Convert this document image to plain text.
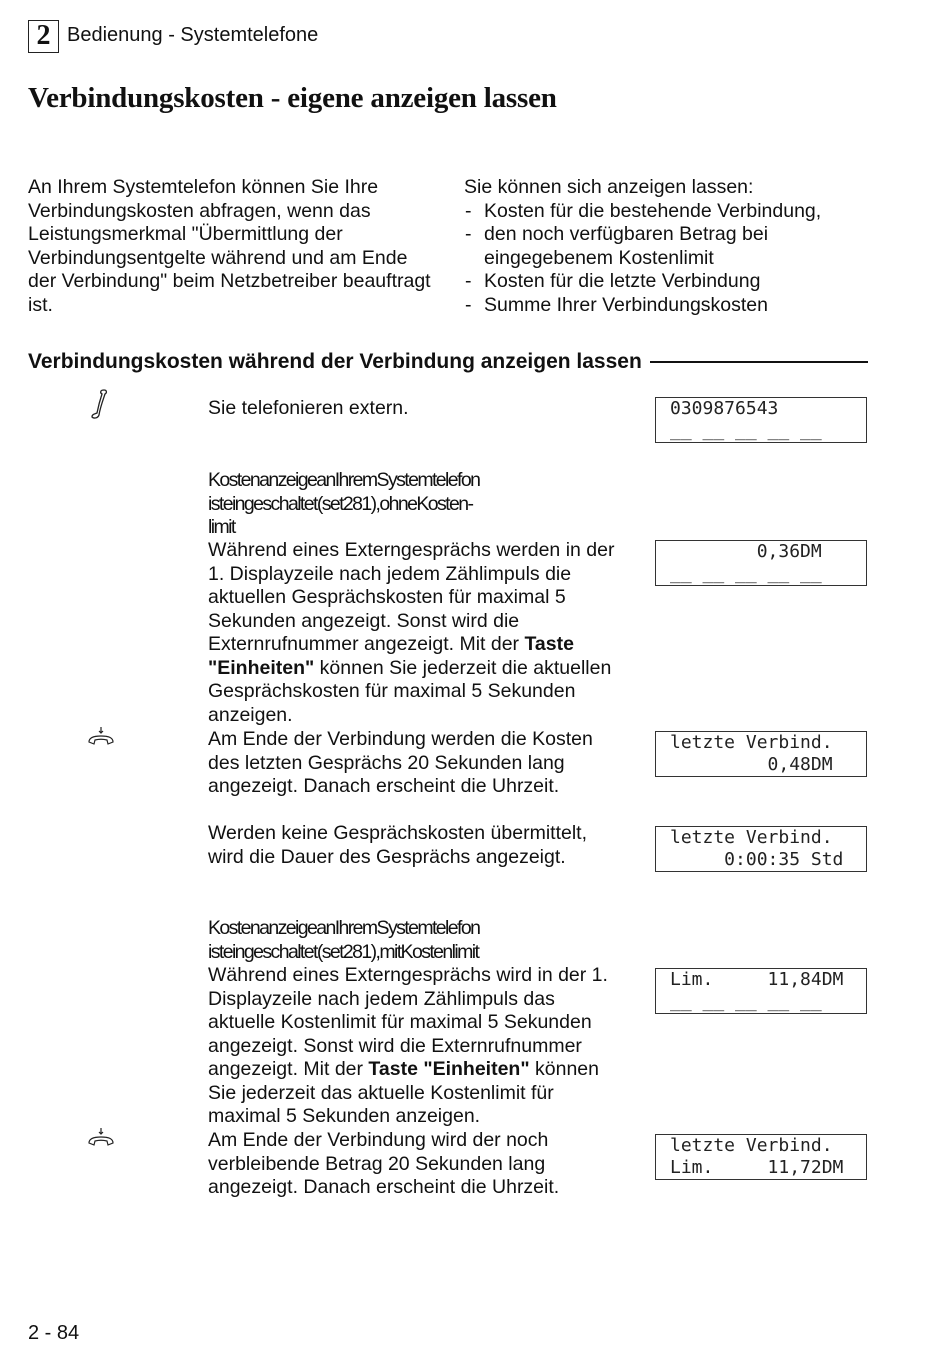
2 Bedienung - Systemtelefone
Verbindungskosten - eigene anzeigen lassen
An Ihrem Systemtelefon können Sie Ihre Verbindungskosten abfragen, wenn das Leistungsmerkmal "Übermittlung der Verbindungsentgelte während und am Ende der Verbindung" beim Netzbetreiber beauftragt ist.
Sie können sich anzeigen lassen:
- Kosten für die bestehende Verbindung,
- den noch verfügbaren Betrag bei eingegebenem Kostenlimit
- Kosten für die letzte Verbindung
- Summe Ihrer Verbindungskosten
Verbindungskosten während der Verbindung anzeigen lassen
Sie telefonieren extern.	0309876543
__ __ __ __ __
KostenanzeigeanIhremSystemtelefon
isteingeschaltet(set281),ohneKosten-
limit
Während eines Externgesprächs werden in der 1. Displayzeile nach jedem Zählimpuls die aktuellen Gesprächskosten für maximal 5 Sekunden angezeigt. Sonst wird die Externrufnummer angezeigt. Mit der Taste "Einheiten" können Sie jederzeit die aktuellen Gesprächskosten für maximal 5 Sekunden anzeigen.
0,36DM
__ __ __ __ __
Am Ende der Verbindung werden die Kosten des letzten Gesprächs 20 Sekunden lang angezeigt. Danach erscheint die Uhrzeit.
letzte Verbind.
0,48DM
Werden keine Gesprächskosten übermittelt, wird die Dauer des Gesprächs angezeigt.
letzte Verbind.
0:00:35 Std
KostenanzeigeanIhremSystemtelefon
isteingeschaltet(set281),mitKostenlimit
Während eines Externgesprächs wird in der 1. Displayzeile nach jedem Zählimpuls das aktuelle Kostenlimit für maximal 5 Sekunden angezeigt. Sonst wird die Externrufnummer angezeigt. Mit der Taste "Einheiten" können Sie jederzeit das aktuelle Kostenlimit für maximal 5 Sekunden anzeigen.
Lim.     11,84DM
__ __ __ __ __
Am Ende der Verbindung wird der noch verbleibende Betrag 20 Sekunden lang angezeigt. Danach erscheint die Uhrzeit.
letzte Verbind.
Lim.     11,72DM
2 - 84
